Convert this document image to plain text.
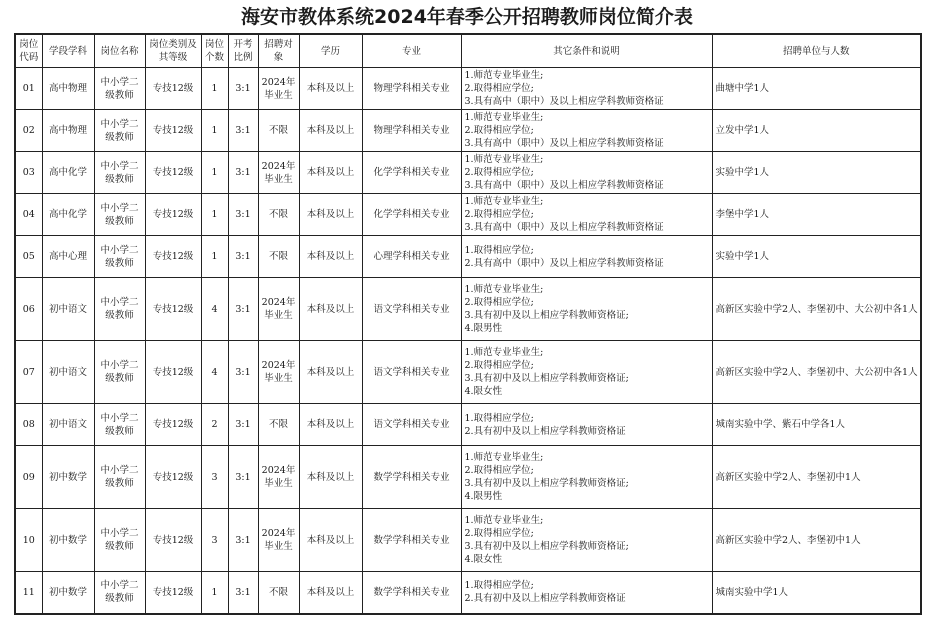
海安市教体系统2024年春季公开招聘教师岗位简介表
岗位代码	学段学科	岗位名称	岗位类别及其等级	岗位个数	开考比例	招聘对象	学历	专业	其它条件和说明	招聘单位与人数
01	高中物理	中小学二级教师	专技12级	1	3:1	2024年毕业生	本科及以上	物理学科相关专业	1.师范专业毕业生;
2.取得相应学位;
3.具有高中（职中）及以上相应学科教师资格证	曲塘中学1人
02	高中物理	中小学二级教师	专技12级	1	3:1	不限	本科及以上	物理学科相关专业	1.师范专业毕业生;
2.取得相应学位;
3.具有高中（职中）及以上相应学科教师资格证	立发中学1人
03	高中化学	中小学二级教师	专技12级	1	3:1	2024年毕业生	本科及以上	化学学科相关专业	1.师范专业毕业生;
2.取得相应学位;
3.具有高中（职中）及以上相应学科教师资格证	实验中学1人
04	高中化学	中小学二级教师	专技12级	1	3:1	不限	本科及以上	化学学科相关专业	1.师范专业毕业生;
2.取得相应学位;
3.具有高中（职中）及以上相应学科教师资格证	李堡中学1人
05	高中心理	中小学二级教师	专技12级	1	3:1	不限	本科及以上	心理学科相关专业	1.取得相应学位;
2.具有高中（职中）及以上相应学科教师资格证	实验中学1人
06	初中语文	中小学二级教师	专技12级	4	3:1	2024年毕业生	本科及以上	语文学科相关专业	1.师范专业毕业生;
2.取得相应学位;
3.具有初中及以上相应学科教师资格证;
4.限男性	高新区实验中学2人、李堡初中、大公初中各1人
07	初中语文	中小学二级教师	专技12级	4	3:1	2024年毕业生	本科及以上	语文学科相关专业	1.师范专业毕业生;
2.取得相应学位;
3.具有初中及以上相应学科教师资格证;
4.限女性	高新区实验中学2人、李堡初中、大公初中各1人
08	初中语文	中小学二级教师	专技12级	2	3:1	不限	本科及以上	语文学科相关专业	1.取得相应学位;
2.具有初中及以上相应学科教师资格证	城南实验中学、紫石中学各1人
09	初中数学	中小学二级教师	专技12级	3	3:1	2024年毕业生	本科及以上	数学学科相关专业	1.师范专业毕业生;
2.取得相应学位;
3.具有初中及以上相应学科教师资格证;
4.限男性	高新区实验中学2人、李堡初中1人
10	初中数学	中小学二级教师	专技12级	3	3:1	2024年毕业生	本科及以上	数学学科相关专业	1.师范专业毕业生;
2.取得相应学位;
3.具有初中及以上相应学科教师资格证;
4.限女性	高新区实验中学2人、李堡初中1人
11	初中数学	中小学二级教师	专技12级	1	3:1	不限	本科及以上	数学学科相关专业	1.取得相应学位;
2.具有初中及以上相应学科教师资格证	城南实验中学1人
